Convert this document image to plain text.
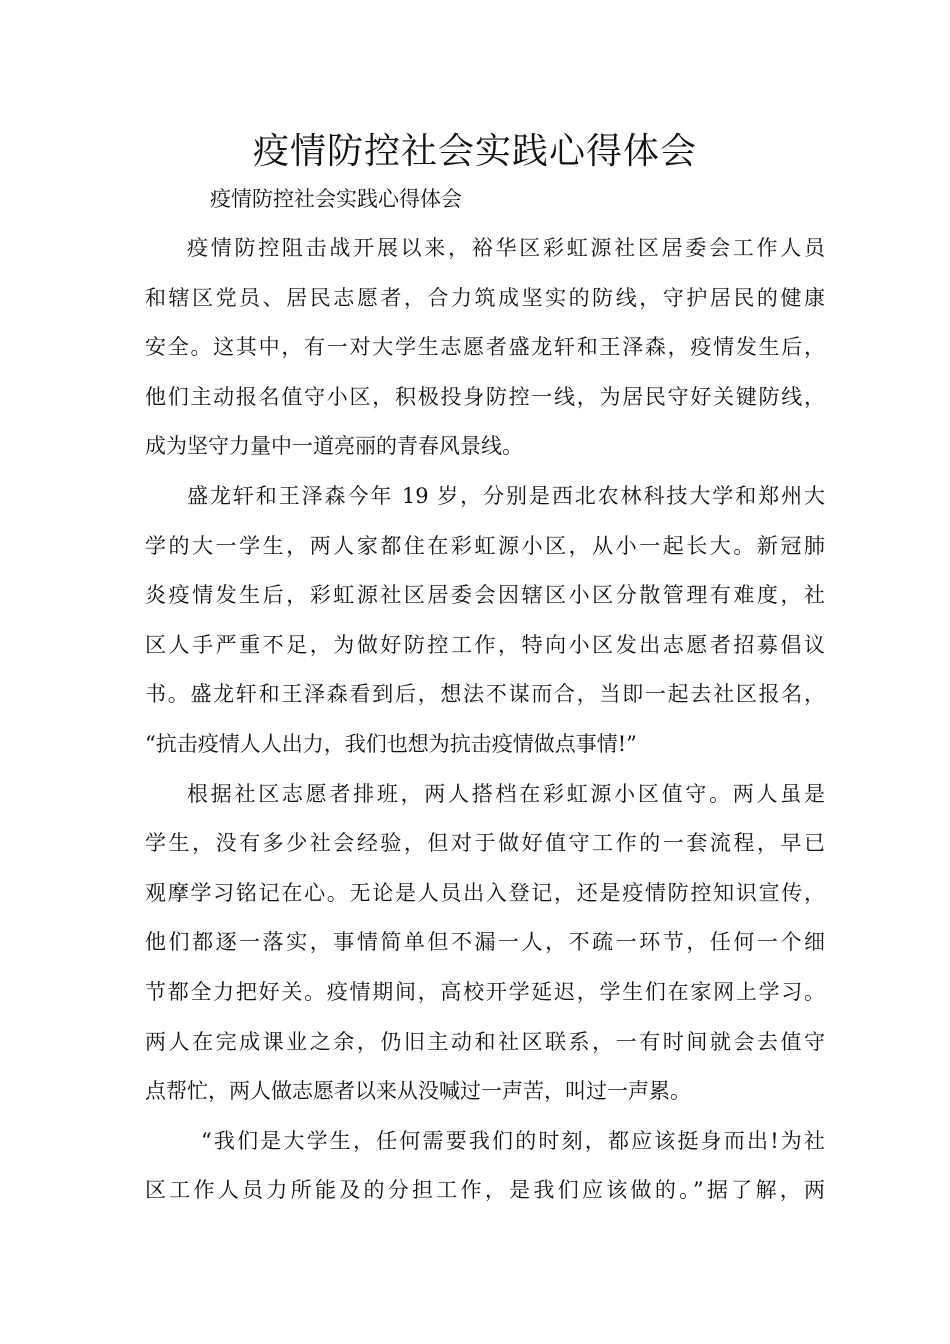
疫情防控社会实践心得体会

疫情防控社会实践心得体会

疫情防控阻击战开展以来，裕华区彩虹源社区居委会工作人员
和辖区党员、居民志愿者，合力筑成坚实的防线，守护居民的健康
安全。这其中，有一对大学生志愿者盛龙轩和王泽森，疫情发生后，
他们主动报名值守小区，积极投身防控一线，为居民守好关键防线，
成为坚守力量中一道亮丽的青春风景线。
盛龙轩和王泽森今年 19 岁，分别是西北农林科技大学和郑州大
学的大一学生，两人家都住在彩虹源小区，从小一起长大。新冠肺
炎疫情发生后，彩虹源社区居委会因辖区小区分散管理有难度，社
区人手严重不足，为做好防控工作，特向小区发出志愿者招募倡议
书。盛龙轩和王泽森看到后，想法不谋而合，当即一起去社区报名，
“抗击疫情人人出力，我们也想为抗击疫情做点事情!”
根据社区志愿者排班，两人搭档在彩虹源小区值守。两人虽是
学生，没有多少社会经验，但对于做好值守工作的一套流程，早已
观摩学习铭记在心。无论是人员出入登记，还是疫情防控知识宣传，
他们都逐一落实，事情简单但不漏一人，不疏一环节，任何一个细
节都全力把好关。疫情期间，高校开学延迟，学生们在家网上学习。
两人在完成课业之余，仍旧主动和社区联系，一有时间就会去值守
点帮忙，两人做志愿者以来从没喊过一声苦，叫过一声累。
“我们是大学生，任何需要我们的时刻，都应该挺身而出!为社
区工作人员力所能及的分担工作，是我们应该做的。”据了解，两
